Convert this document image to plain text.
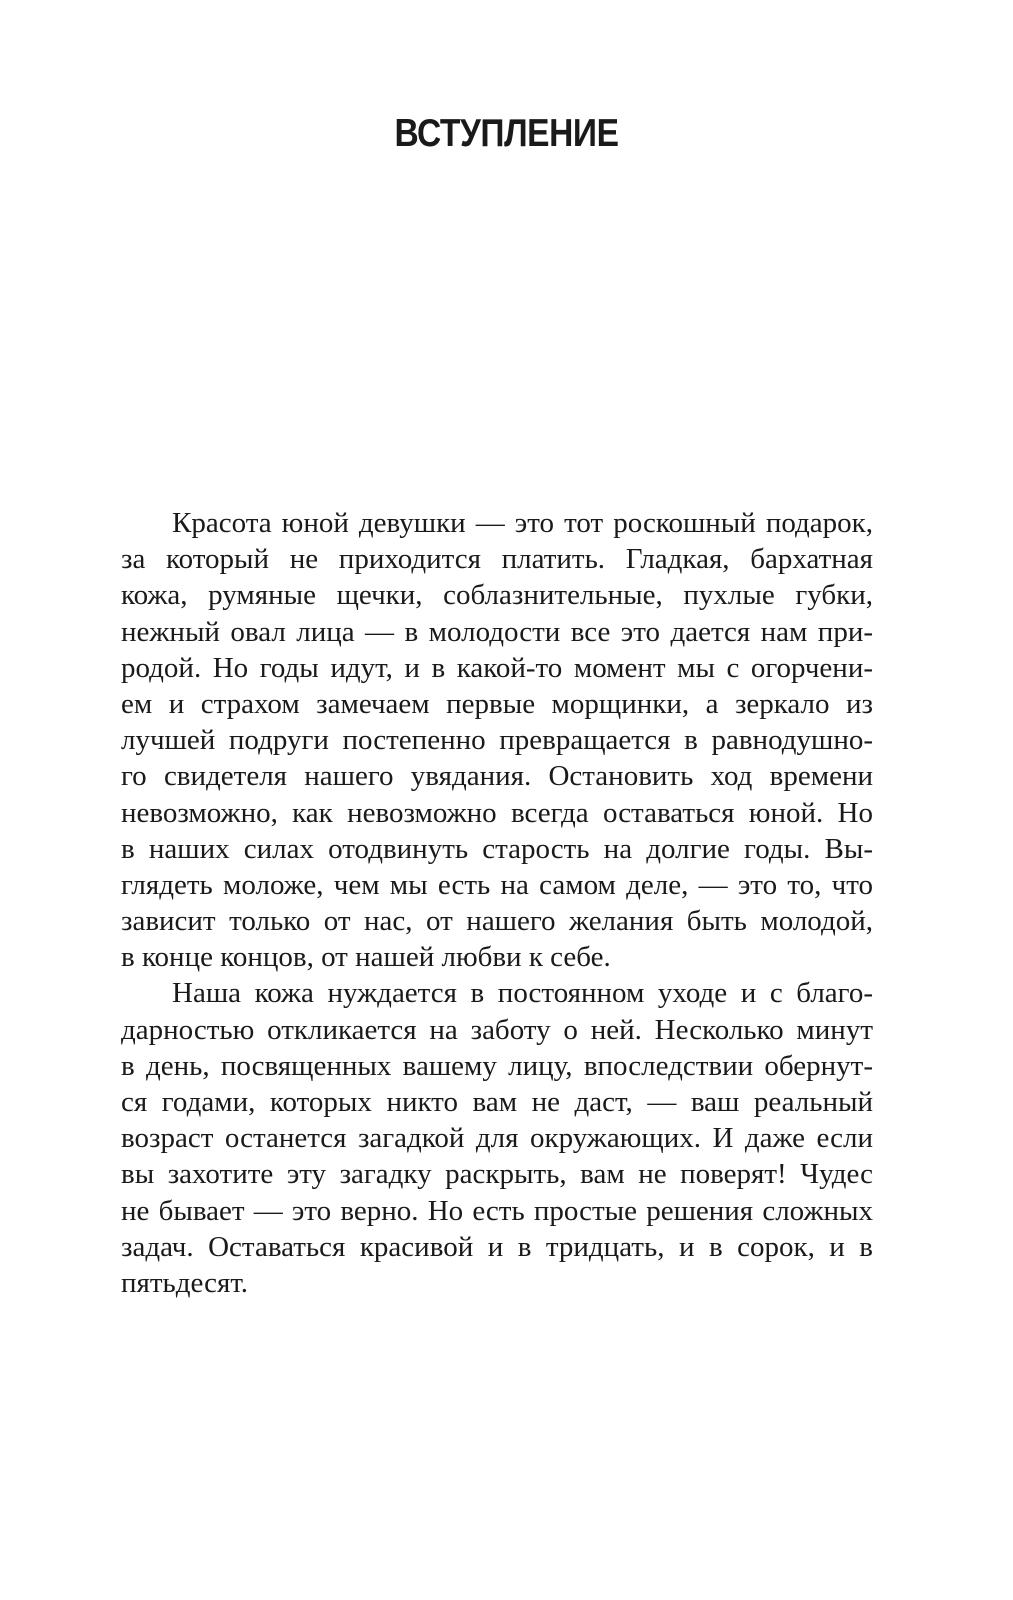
ВСТУПЛЕНИЕ
Красота юной девушки — это тот роскошный подарок,
за который не приходится платить. Гладкая, бархатная
кожа, румяные щечки, соблазнительные, пухлые губки,
нежный овал лица — в молодости все это дается нам при-
родой. Но годы идут, и в какой-то момент мы с огорчени-
ем и страхом замечаем первые морщинки, а зеркало из
лучшей подруги постепенно превращается в равнодушно-
го свидетеля нашего увядания. Остановить ход времени
невозможно, как невозможно всегда оставаться юной. Но
в наших силах отодвинуть старость на долгие годы. Вы-
глядеть моложе, чем мы есть на самом деле, — это то, что
зависит только от нас, от нашего желания быть молодой,
в конце концов, от нашей любви к себе.
Наша кожа нуждается в постоянном уходе и с благо-
дарностью откликается на заботу о ней. Несколько минут
в день, посвященных вашему лицу, впоследствии обернут-
ся годами, которых никто вам не даст, — ваш реальный
возраст останется загадкой для окружающих. И даже если
вы захотите эту загадку раскрыть, вам не поверят! Чудес
не бывает — это верно. Но есть простые решения сложных
задач. Оставаться красивой и в тридцать, и в сорок, и в
пятьдесят.
